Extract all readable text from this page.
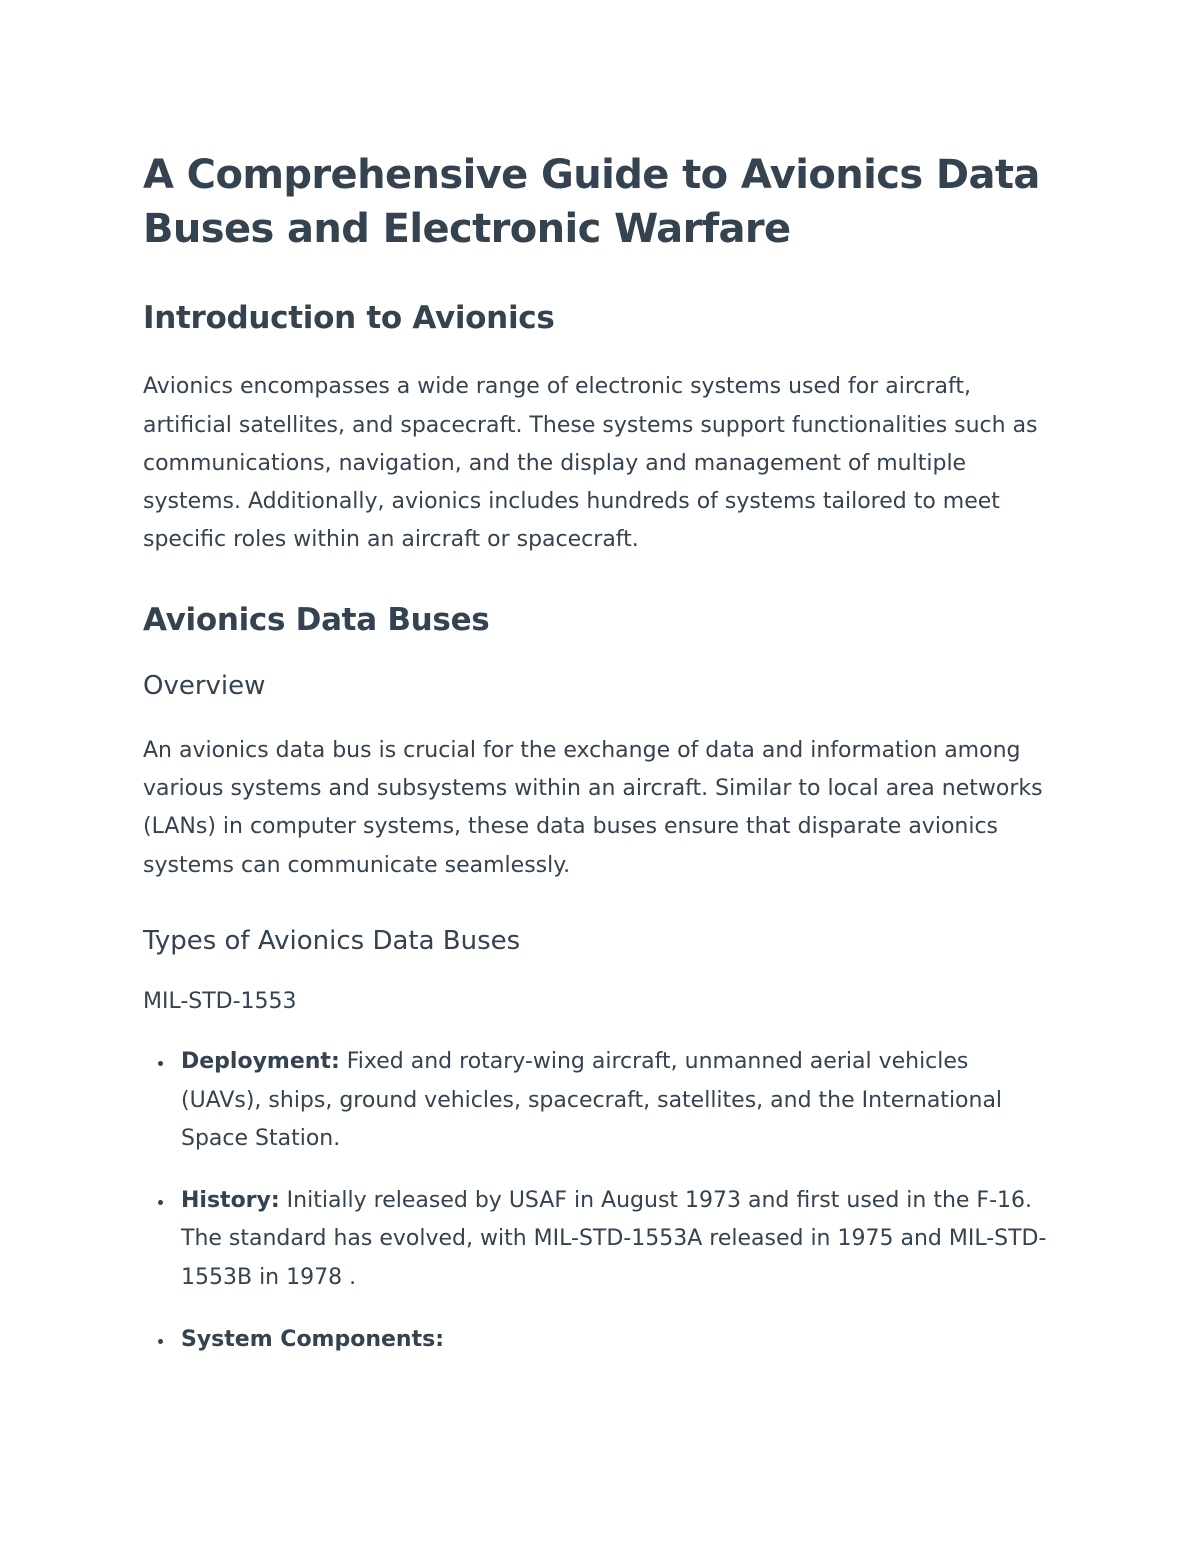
A Comprehensive Guide to Avionics Data Buses and Electronic Warfare
Introduction to Avionics

Avionics encompasses a wide range of electronic systems used for aircraft, artificial satellites, and spacecraft. These systems support functionalities such as communications, navigation, and the display and management of multiple systems. Additionally, avionics includes hundreds of systems tailored to meet specific roles within an aircraft or spacecraft.

Avionics Data Buses
Overview

An avionics data bus is crucial for the exchange of data and information among various systems and subsystems within an aircraft. Similar to local area networks (LANs) in computer systems, these data buses ensure that disparate avionics systems can communicate seamlessly.

Types of Avionics Data Buses

MIL-STD-1553

• Deployment: Fixed and rotary-wing aircraft, unmanned aerial vehicles (UAVs), ships, ground vehicles, spacecraft, satellites, and the International Space Station.
• History: Initially released by USAF in August 1973 and first used in the F-16. The standard has evolved, with MIL-STD-1553A released in 1975 and MIL-STD-1553B in 1978 .
• System Components:
